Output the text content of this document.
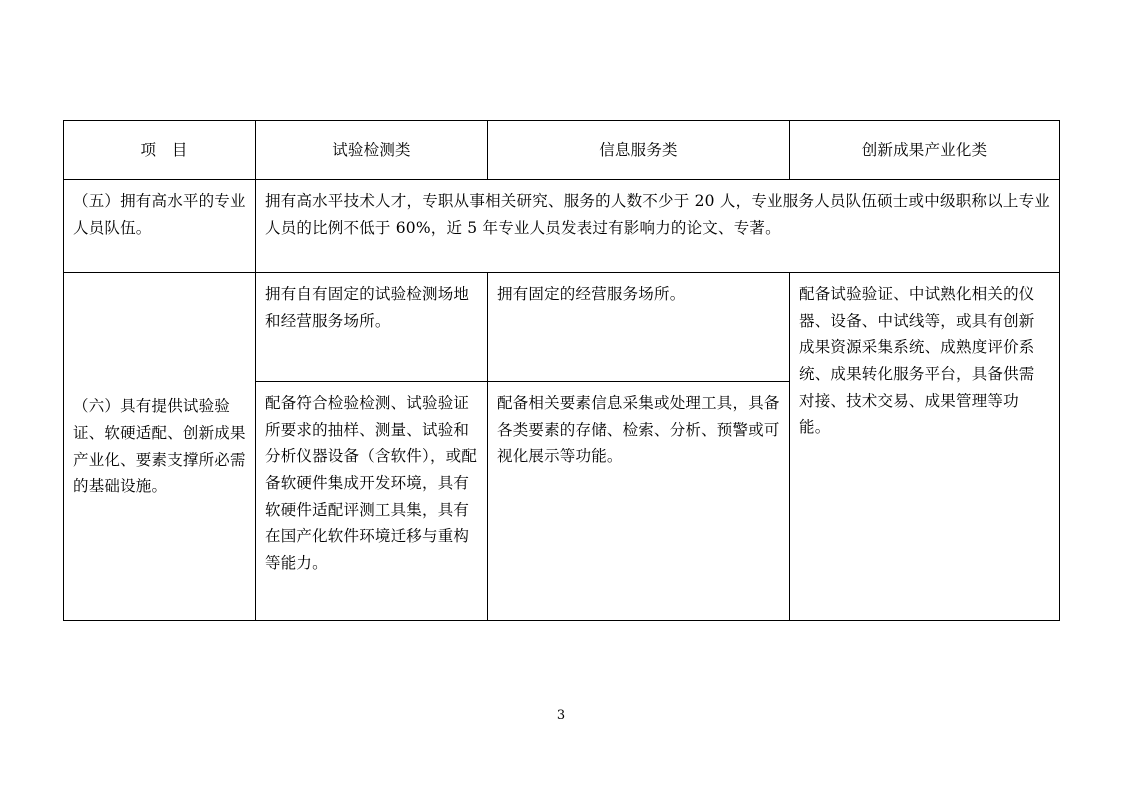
项　目	试验检测类	信息服务类	创新成果产业化类
（五）拥有高水平的专业人员队伍。	拥有高水平技术人才，专职从事相关研究、服务的人数不少于 20 人，专业服务人员队伍硕士或中级职称以上专业人员的比例不低于 60%，近 5 年专业人员发表过有影响力的论文、专著。		
（六）具有提供试验验证、软硬适配、创新成果产业化、要素支撑所必需的基础设施。	拥有自有固定的试验检测场地和经营服务场所。	拥有固定的经营服务场所。	配备试验验证、中试熟化相关的仪器、设备、中试线等，或具有创新成果资源采集系统、成熟度评价系统、成果转化服务平台，具备供需对接、技术交易、成果管理等功能。
	配备符合检验检测、试验验证所要求的抽样、测量、试验和分析仪器设备（含软件），或配备软硬件集成开发环境，具有软硬件适配评测工具集，具有在国产化软件环境迁移与重构等能力。	配备相关要素信息采集或处理工具，具备各类要素的存储、检索、分析、预警或可视化展示等功能。	
3
